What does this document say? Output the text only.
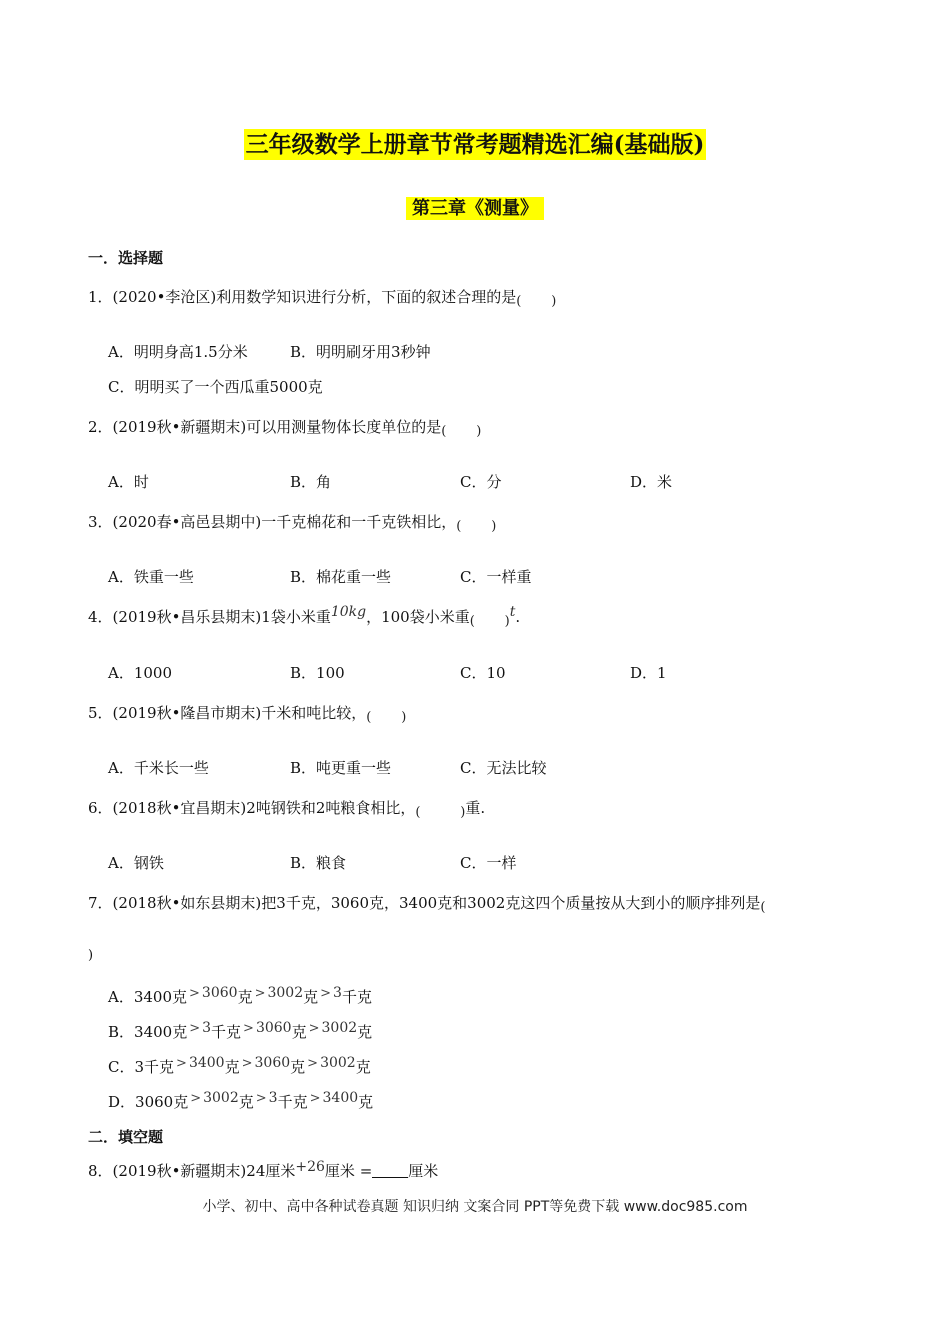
三年级数学上册章节常考题精选汇编(基础版)
第三章《测量》
一．选择题
1．(2020•李沧区)利用数学知识进行分析，下面的叙述合理的是 ( )
A．明明身高1.5分米	B．明明刷牙用3秒钟
C．明明买了一个西瓜重5000克
2．(2019秋•新疆期末)可以用测量物体长度单位的是 ( )
A．时	B．角	C．分	D．米
3．(2020春•高邑县期中)一千克棉花和一千克铁相比， ( )
A．铁重一些	B．棉花重一些	C．一样重
4．(2019秋•昌乐县期末)1袋小米重10kg，100袋小米重 ( )
t.
A．1000	B．100	C．10	D．1
5．(2019秋•隆昌市期末)千米和吨比较， ( )
A．千米长一些	B．吨更重一些	C．无法比较
6．(2018秋•宜昌期末)2吨钢铁和2吨粮食相比， (	) 重.
A．钢铁	B．粮食	C．一样
7．(2018秋•如东县期末)把3千克，3060克，3400克和3002克这四个质量按从大到小的顺序排列是 (
)
A．3400克 > 3060克 > 3002克 > 3千克
B．3400克 > 3千克 > 3060克 > 3002克
C．3千克 > 3400克 > 3060克 > 3002克
D．3060克 > 3002克 > 3千克 > 3400克
二．填空题
8．(2019秋•新疆期末)24厘米+26厘米 = 厘米
小学、初中、高中各种试卷真题 知识归纳 文案合同 PPT等免费下载 www.doc985.com
